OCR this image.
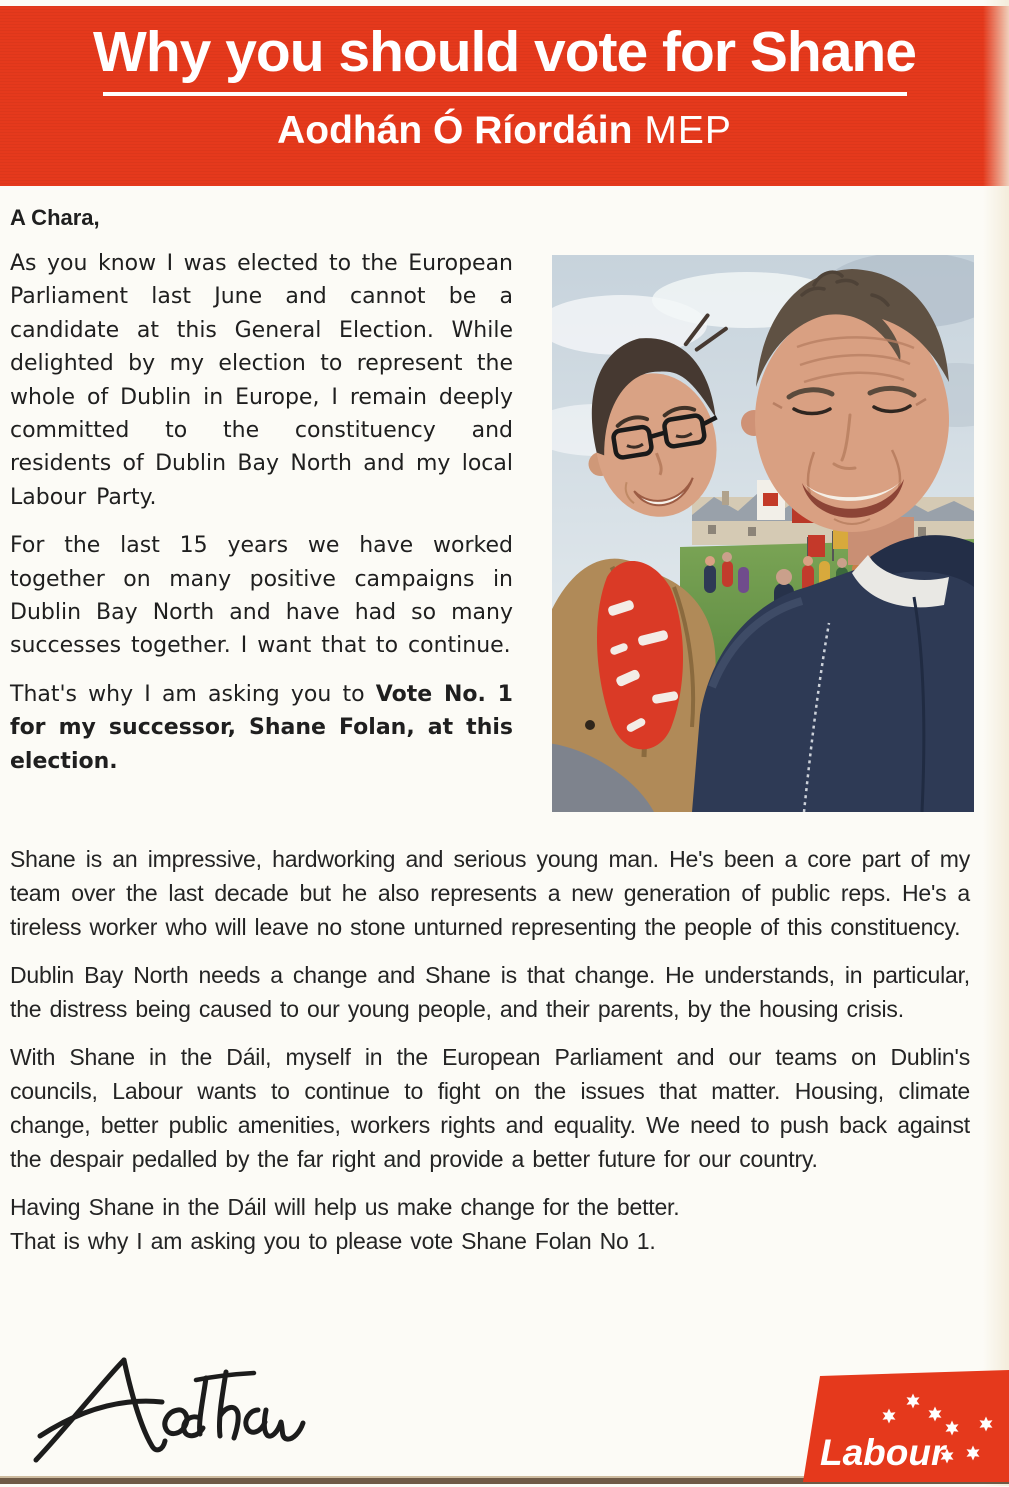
Why you should vote for Shane
Aodhán Ó Ríordáin MEP
A Chara,

As you know I was elected to the European Parliament last June and cannot be a candidate at this General Election. While delighted by my election to represent the whole of Dublin in Europe, I remain deeply committed to the constituency and residents of Dublin Bay North and my local Labour Party.

For the last 15 years we have worked together on many positive campaigns in Dublin Bay North and have had so many successes together. I want that to continue.

That's why I am asking you to Vote No. 1 for my successor, Shane Folan, at this election.

Shane is an impressive, hardworking and serious young man. He's been a core part of my team over the last decade but he also represents a new generation of public reps. He's a tireless worker who will leave no stone unturned representing the people of this constituency.

Dublin Bay North needs a change and Shane is that change. He understands, in particular, the distress being caused to our young people, and their parents, by the housing crisis.

With Shane in the Dáil, myself in the European Parliament and our teams on Dublin's councils, Labour wants to continue to fight on the issues that matter. Housing, climate change, better public amenities, workers rights and equality. We need to push back against the despair pedalled by the far right and provide a better future for our country.

Having Shane in the Dáil will help us make change for the better.
That is why I am asking you to please vote Shane Folan No 1.
Labour
